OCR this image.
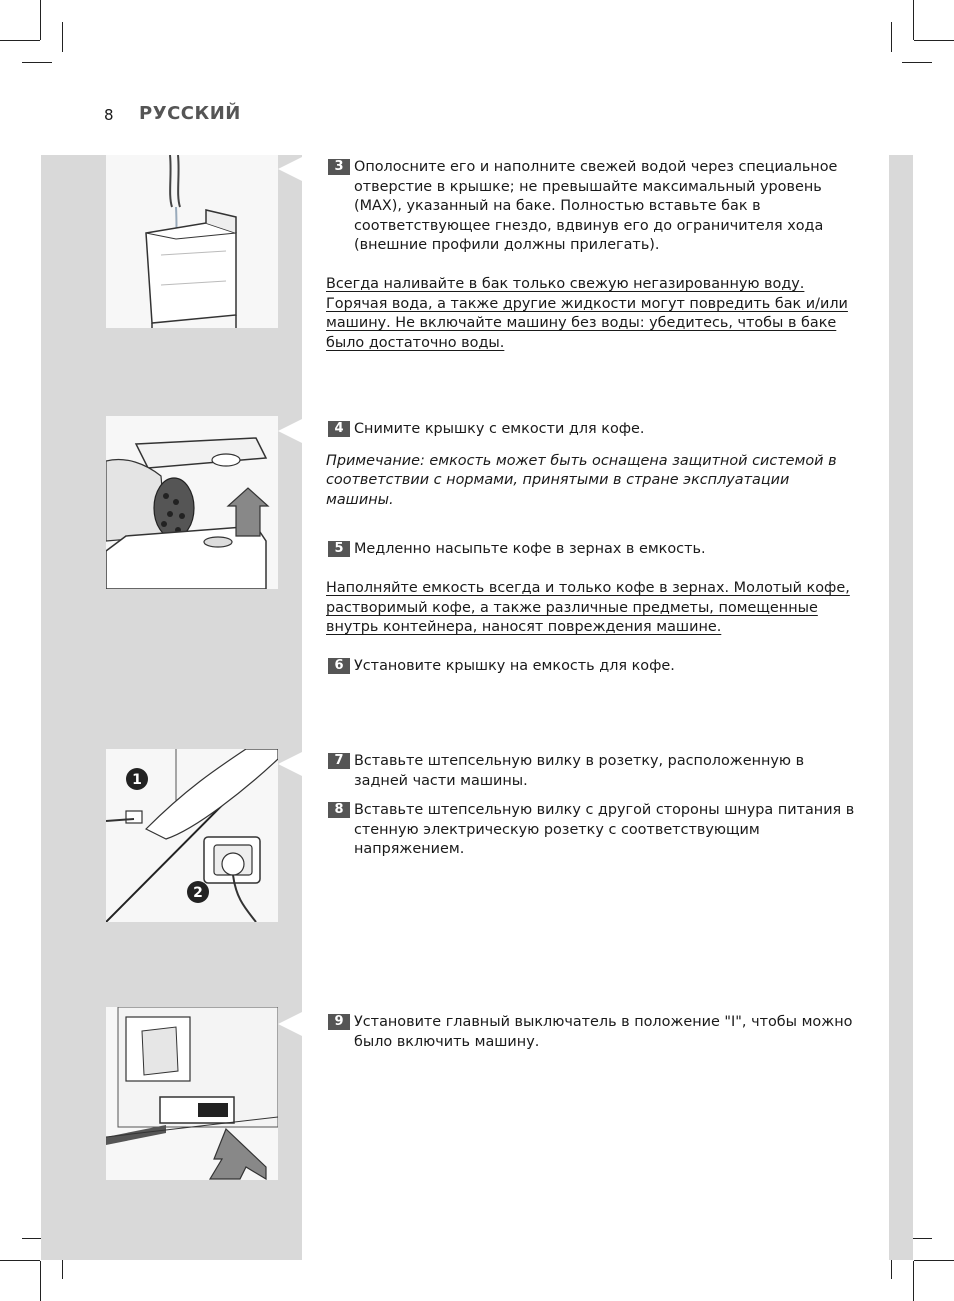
8 РУССКИЙ
1
2
3 Ополосните его и наполните свежей водой через специальное отверстие в крышке; не превышайте максимальный уровень (MAX), указанный на баке. Полностью вставьте бак в соответствующее гнездо, вдвинув его до ограничителя хода (внешние профили должны прилегать).
Всегда наливайте в бак только свежую негазированную воду. Горячая вода, а также другие жидкости могут повредить бак и/или машину. Не включайте машину без воды: убедитесь, чтобы в баке было достаточно воды.
4 Снимите крышку с емкости для кофе.
Примечание: емкость может быть оснащена защитной системой в соответствии с нормами, принятыми в стране эксплуатации машины.
5 Медленно насыпьте кофе в зернах в емкость.
Наполняйте емкость всегда и только кофе в зернах. Молотый кофе, растворимый кофе, а также различные предметы, помещенные внутрь контейнера, наносят повреждения машине.
6 Установите крышку на емкость для кофе.
7 Вставьте штепсельную вилку в розетку, расположенную в задней части машины.
8 Вставьте штепсельную вилку с другой стороны шнура питания в стенную электрическую розетку с соответствующим напряжением.
9 Установите главный выключатель в положение "I", чтобы можно было включить машину.
